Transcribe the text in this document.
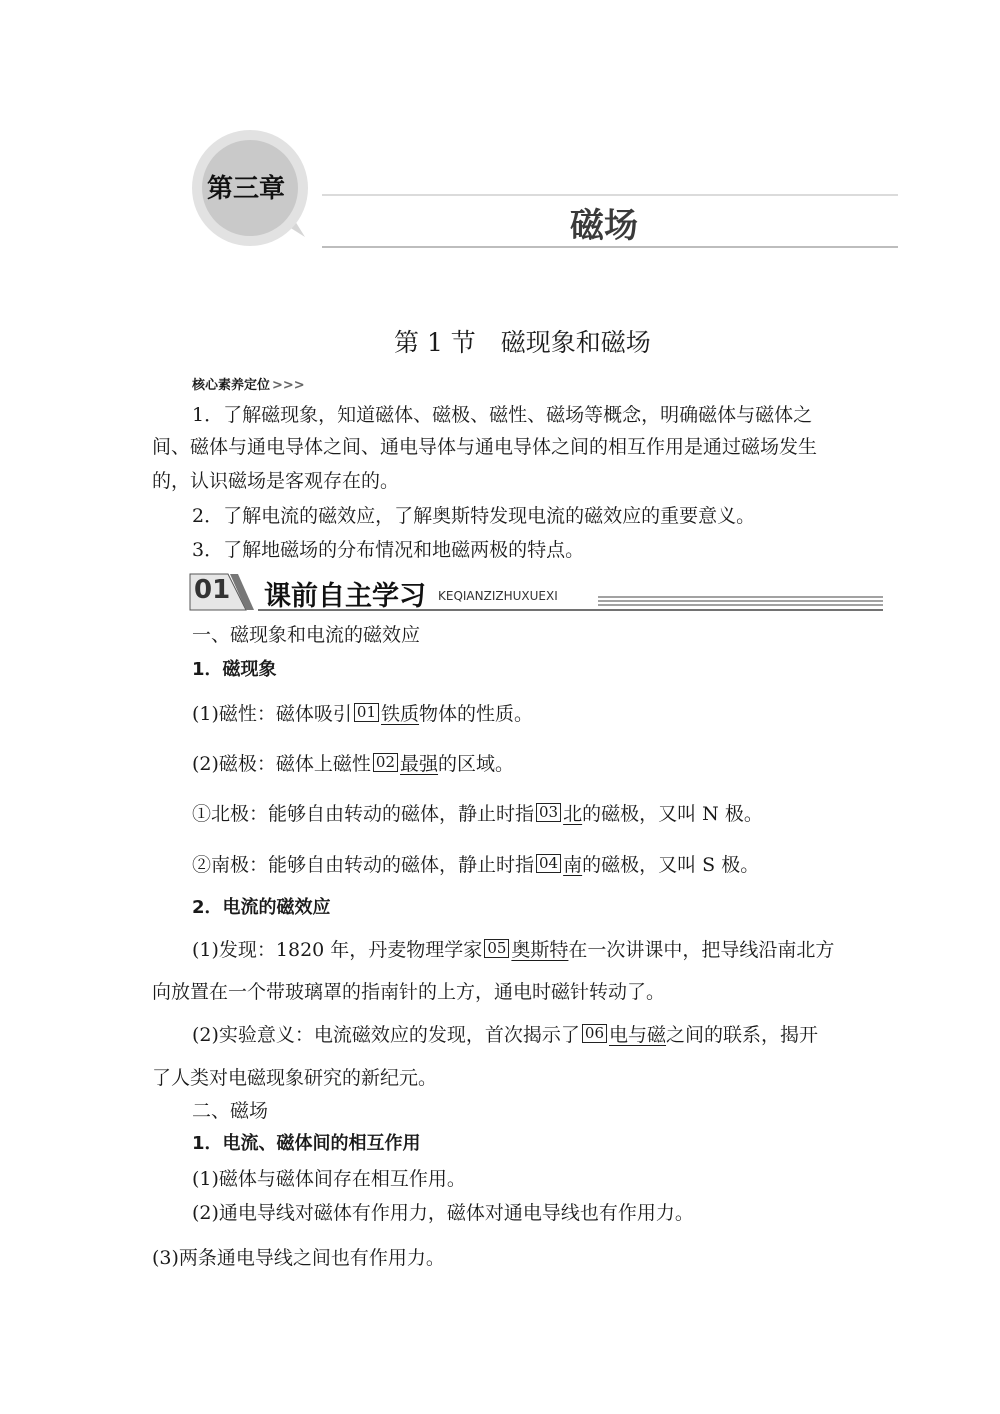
第三章
磁场
第 1 节　磁现象和磁场
核心素养定位 >>>
1．了解磁现象，知道磁体、磁极、磁性、磁场等概念，明确磁体与磁体之
间、磁体与通电导体之间、通电导体与通电导体之间的相互作用是通过磁场发生
的，认识磁场是客观存在的。
2．了解电流的磁效应，了解奥斯特发现电流的磁效应的重要意义。
3．了解地磁场的分布情况和地磁两极的特点。
01 课前自主学习 KEQIANZIZHUXUEXI
一、磁现象和电流的磁效应
1．磁现象
(1)磁性：磁体吸引 01 铁质物体的性质。
(2)磁极：磁体上磁性 02 最强的区域。
①北极：能够自由转动的磁体，静止时指 03 北的磁极，又叫 N 极。
②南极：能够自由转动的磁体，静止时指 04 南的磁极，又叫 S 极。
2．电流的磁效应
(1)发现：1820 年，丹麦物理学家 05 奥斯特在一次讲课中，把导线沿南北方
向放置在一个带玻璃罩的指南针的上方，通电时磁针转动了。
(2)实验意义：电流磁效应的发现，首次揭示了 06 电与磁之间的联系，揭开
了人类对电磁现象研究的新纪元。
二、磁场
1．电流、磁体间的相互作用
(1)磁体与磁体间存在相互作用。
(2)通电导线对磁体有作用力，磁体对通电导线也有作用力。
(3)两条通电导线之间也有作用力。
